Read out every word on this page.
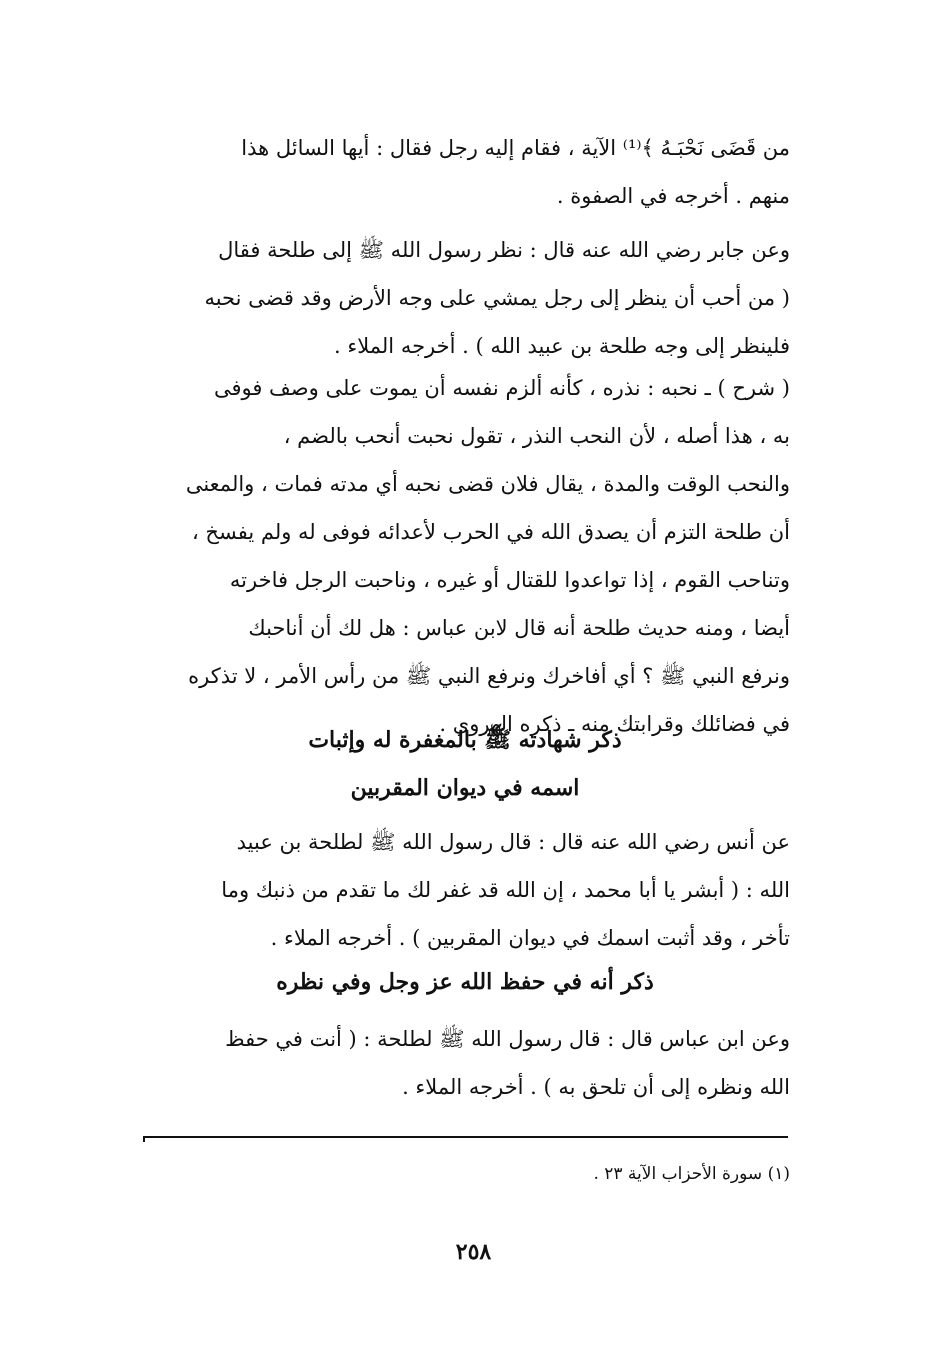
من قَضَى نَحْبَـهُ ﴾⁽¹⁾ الآية ، فقام إليه رجل فقال : أيها السائل هذا
منهم . أخرجه في الصفوة .
وعن جابر رضي الله عنه قال : نظر رسول الله ﷺ إلى طلحة فقال
( من أحب أن ينظر إلى رجل يمشي على وجه الأرض وقد قضى نحبه
فلينظر إلى وجه طلحة بن عبيد الله ) . أخرجه الملاء .
( شرح ) ـ نحبه : نذره ، كأنه ألزم نفسه أن يموت على وصف فوفى
به ، هذا أصله ، لأن النحب النذر ، تقول نحبت أنحب بالضم ،
والنحب الوقت والمدة ، يقال فلان قضى نحبه أي مدته فمات ، والمعنى
أن طلحة التزم أن يصدق الله في الحرب لأعدائه فوفى له ولم يفسخ ،
وتناحب القوم ، إذا تواعدوا للقتال أو غيره ، وناحبت الرجل فاخرته
أيضا ، ومنه حديث طلحة أنه قال لابن عباس : هل لك أن أناحبك
ونرفع النبي ﷺ ؟ أي أفاخرك ونرفع النبي ﷺ من رأس الأمر ، لا تذكره
في فضائلك وقرابتك منه ـ ذكره الهروي .
ذكر شهادته ﷺ بالمغفرة له وإثبات
اسمه في ديوان المقربين
عن أنس رضي الله عنه قال : قال رسول الله ﷺ لطلحة بن عبيد
الله : ( أبشر يا أبا محمد ، إن الله قد غفر لك ما تقدم من ذنبك وما
تأخر ، وقد أثبت اسمك في ديوان المقربين ) . أخرجه الملاء .
ذكر أنه في حفظ الله عز وجل وفي نظره
وعن ابن عباس قال : قال رسول الله ﷺ لطلحة : ( أنت في حفظ
الله ونظره إلى أن تلحق به ) . أخرجه الملاء .
(١) سورة الأحزاب الآية ٢٣ .
٢٥٨
